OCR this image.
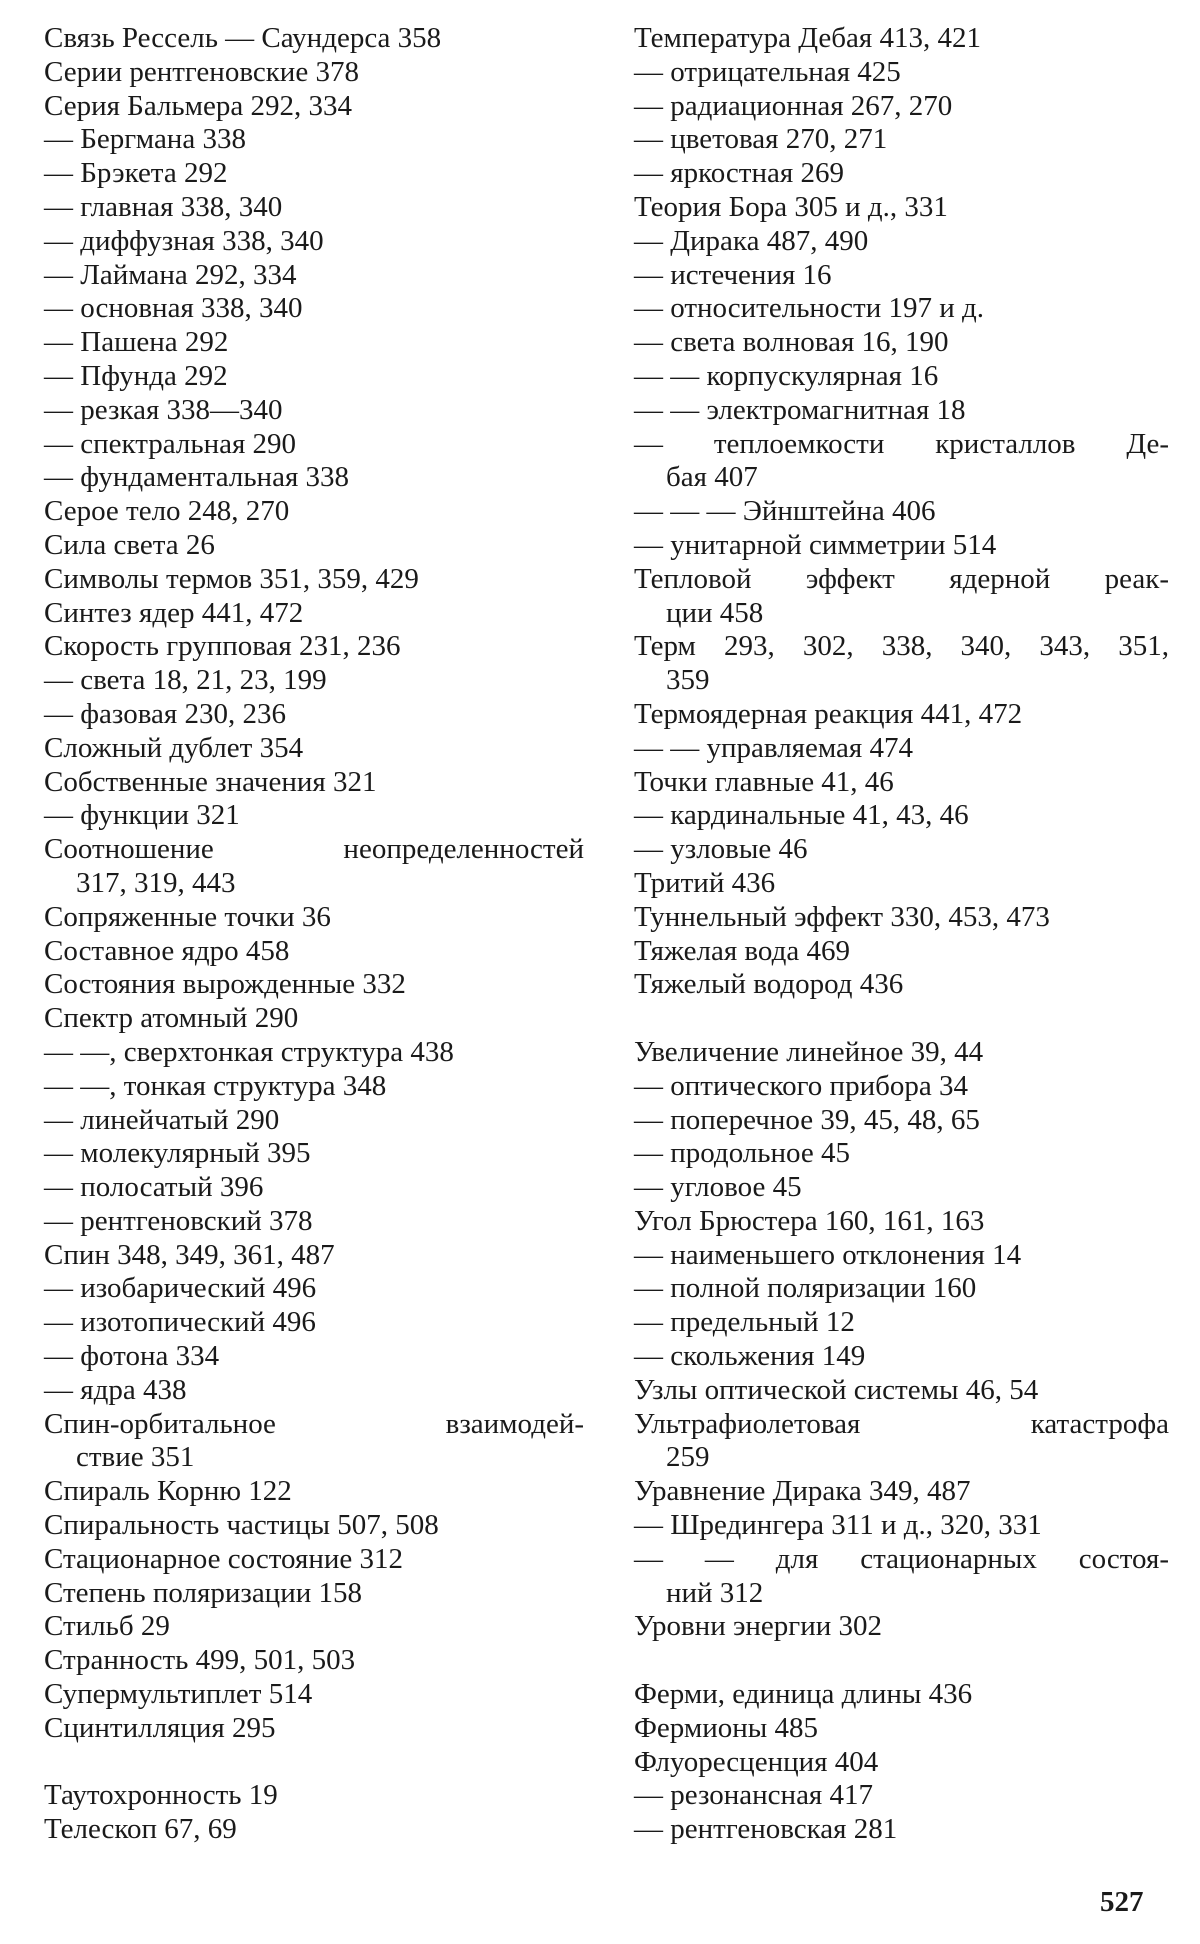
Связь Рессель — Саундерса 358
Серии рентгеновские 378
Серия Бальмера 292, 334
— Бергмана 338
— Брэкета 292
— главная 338, 340
— диффузная 338, 340
— Лаймана 292, 334
— основная 338, 340
— Пашена 292
— Пфунда 292
— резкая 338—340
— спектральная 290
— фундаментальная 338
Серое тело 248, 270
Сила света 26
Символы термов 351, 359, 429
Синтез ядер 441, 472
Скорость групповая 231, 236
— света 18, 21, 23, 199
— фазовая 230, 236
Сложный дублет 354
Собственные значения 321
— функции 321
Соотношение неопределенностей
317, 319, 443
Сопряженные точки 36
Составное ядро 458
Состояния вырожденные 332
Спектр атомный 290
— —, сверхтонкая структура 438
— —, тонкая структура 348
— линейчатый 290
— молекулярный 395
— полосатый 396
— рентгеновский 378
Спин 348, 349, 361, 487
— изобарический 496
— изотопический 496
— фотона 334
— ядра 438
Спин-орбитальное взаимодей-
ствие 351
Спираль Корню 122
Спиральность частицы 507, 508
Стационарное состояние 312
Степень поляризации 158
Стильб 29
Странность 499, 501, 503
Супермультиплет 514
Сцинтилляция 295
Таутохронность 19
Телескоп 67, 69
Температура Дебая 413, 421
— отрицательная 425
— радиационная 267, 270
— цветовая 270, 271
— яркостная 269
Теория Бора 305 и д., 331
— Дирака 487, 490
— истечения 16
— относительности 197 и д.
— света волновая 16, 190
— — корпускулярная 16
— — электромагнитная 18
— теплоемкости кристаллов Де-
бая 407
— — — Эйнштейна 406
— унитарной симметрии 514
Тепловой эффект ядерной реак-
ции 458
Терм 293, 302, 338, 340, 343, 351,
359
Термоядерная реакция 441, 472
— — управляемая 474
Точки главные 41, 46
— кардинальные 41, 43, 46
— узловые 46
Тритий 436
Туннельный эффект 330, 453, 473
Тяжелая вода 469
Тяжелый водород 436
Увеличение линейное 39, 44
— оптического прибора 34
— поперечное 39, 45, 48, 65
— продольное 45
— угловое 45
Угол Брюстера 160, 161, 163
— наименьшего отклонения 14
— полной поляризации 160
— предельный 12
— скольжения 149
Узлы оптической системы 46, 54
Ультрафиолетовая катастрофа
259
Уравнение Дирака 349, 487
— Шредингера 311 и д., 320, 331
— — для стационарных состоя-
ний 312
Уровни энергии 302
Ферми, единица длины 436
Фермионы 485
Флуоресценция 404
— резонансная 417
— рентгеновская 281
527
